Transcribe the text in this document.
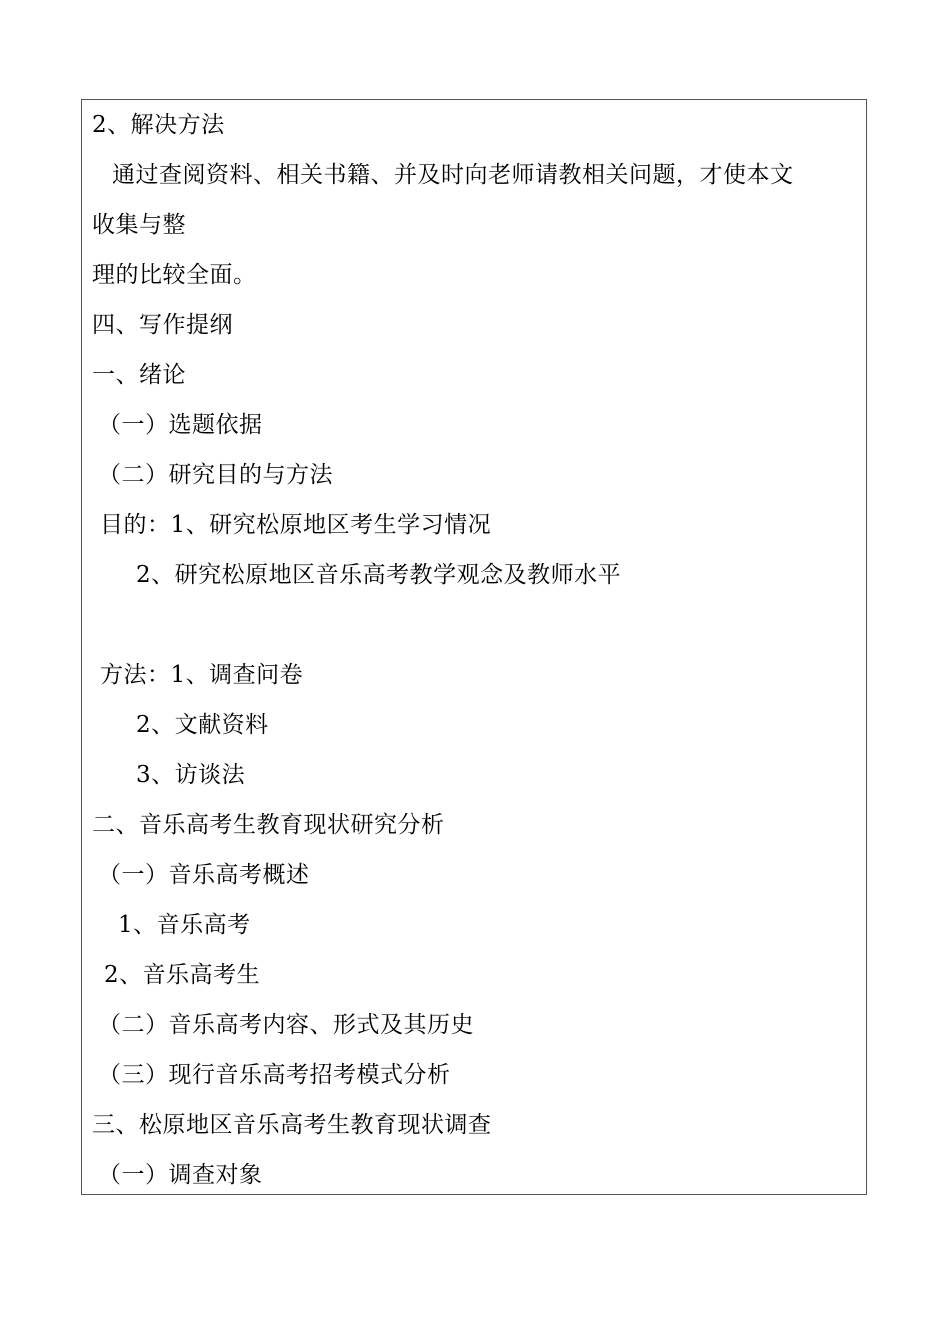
2、解决方法
通过查阅资料、相关书籍、并及时向老师请教相关问题，才使本文
收集与整
理的比较全面。
四、写作提纲
一、绪论
（一）选题依据
（二）研究目的与方法
目的：1、研究松原地区考生学习情况
2、研究松原地区音乐高考教学观念及教师水平
方法：1、调查问卷
2、文献资料
3、访谈法
二、音乐高考生教育现状研究分析
（一）音乐高考概述
1、音乐高考
2、音乐高考生
（二）音乐高考内容、形式及其历史
（三）现行音乐高考招考模式分析
三、松原地区音乐高考生教育现状调查
（一）调查对象
